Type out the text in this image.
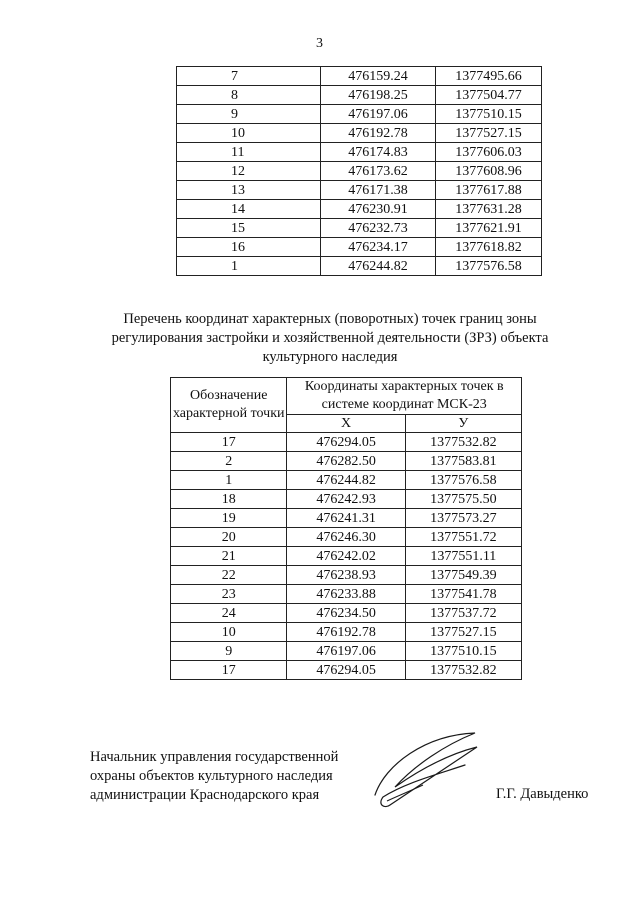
3
7	476159.24	1377495.66
8	476198.25	1377504.77
9	476197.06	1377510.15
10	476192.78	1377527.15
11	476174.83	1377606.03
12	476173.62	1377608.96
13	476171.38	1377617.88
14	476230.91	1377631.28
15	476232.73	1377621.91
16	476234.17	1377618.82
1	476244.82	1377576.58
Перечень координат характерных (поворотных) точек границ зоны
регулирования застройки и хозяйственной деятельности (ЗРЗ) объекта
культурного наследия
Обозначение характерной точки	Координаты характерных точек в системе координат МСК-23	
	X	У
17	476294.05	1377532.82
2	476282.50	1377583.81
1	476244.82	1377576.58
18	476242.93	1377575.50
19	476241.31	1377573.27
20	476246.30	1377551.72
21	476242.02	1377551.11
22	476238.93	1377549.39
23	476233.88	1377541.78
24	476234.50	1377537.72
10	476192.78	1377527.15
9	476197.06	1377510.15
17	476294.05	1377532.82
Начальник управления государственной
охраны объектов культурного наследия
администрации Краснодарского края	Г.Г. Давыденко
